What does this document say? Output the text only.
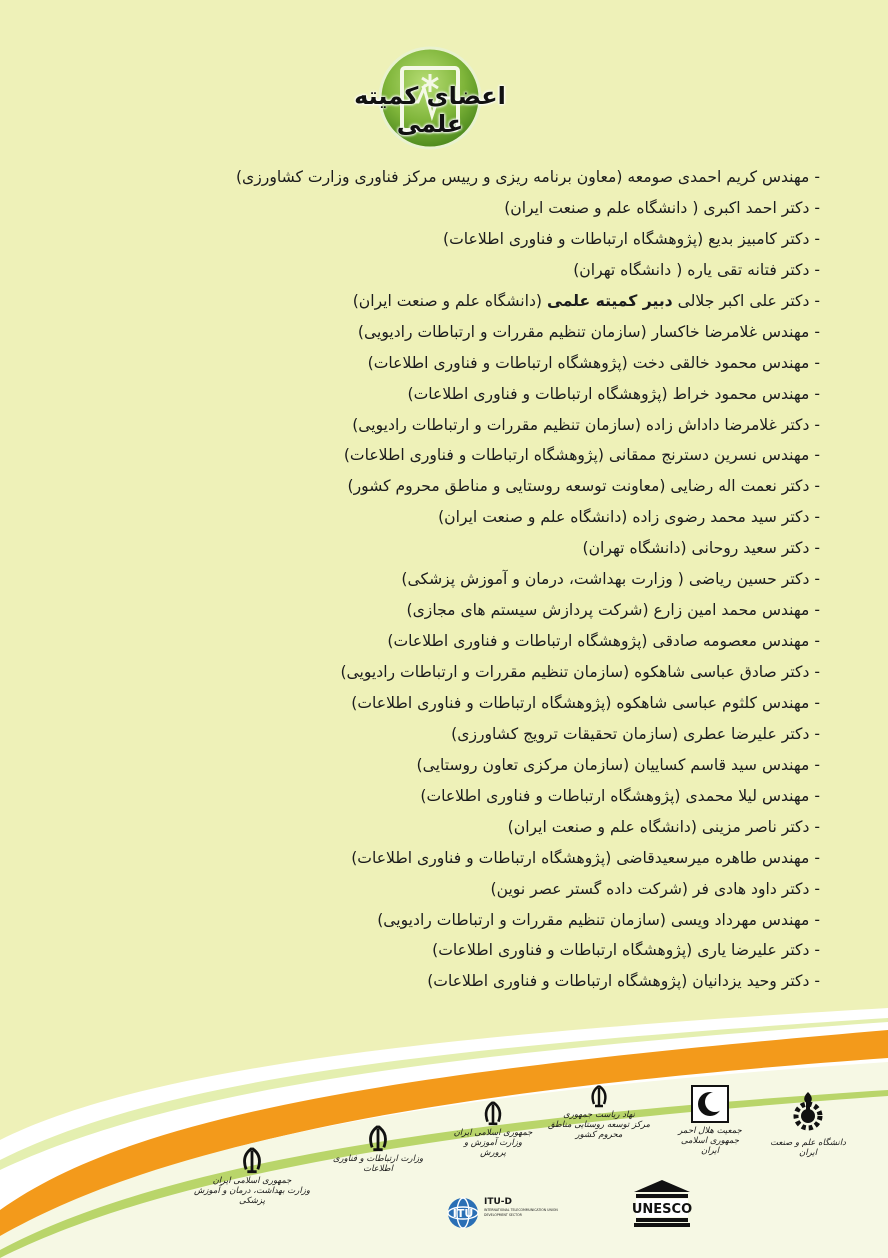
اعضای کمیته علمی
- مهندس کریم احمدی صومعه (معاون برنامه ریزی و رییس مرکز فناوری وزارت کشاورزی)
- دکتر احمد اکبری ( دانشگاه علم و صنعت ایران)
- دکتر کامبیز بدیع (پژوهشگاه ارتباطات و فناوری اطلاعات)
- دکتر فتانه تقی یاره ( دانشگاه تهران)
- دکتر علی اکبر جلالی دبیر کمیته علمی (دانشگاه علم و صنعت ایران)
- مهندس غلامرضا خاکسار (سازمان تنظیم مقررات و ارتباطات رادیویی)
- مهندس محمود خالقی دخت (پژوهشگاه ارتباطات و فناوری اطلاعات)
- مهندس محمود خراط (پژوهشگاه ارتباطات و فناوری اطلاعات)
- دکتر غلامرضا داداش زاده (سازمان تنظیم مقررات و ارتباطات رادیویی)
- مهندس نسرین دسترنج ممقانی (پژوهشگاه ارتباطات و فناوری اطلاعات)
- دکتر نعمت اله رضایی (معاونت توسعه روستایی و مناطق محروم کشور)
- دکتر سید محمد رضوی زاده (دانشگاه علم و صنعت ایران)
- دکتر سعید روحانی (دانشگاه تهران)
- دکتر حسین ریاضی ( وزارت بهداشت، درمان و آموزش پزشکی)
- مهندس محمد امین زارع (شرکت پردازش سیستم های مجازی)
- مهندس معصومه صادقی (پژوهشگاه ارتباطات و فناوری اطلاعات)
- دکتر صادق عباسی شاهکوه (سازمان تنظیم مقررات و ارتباطات رادیویی)
- مهندس کلثوم عباسی شاهکوه (پژوهشگاه ارتباطات و فناوری اطلاعات)
- دکتر علیرضا عطری (سازمان تحقیقات ترویج کشاورزی)
- مهندس سید قاسم کساییان (سازمان مرکزی تعاون روستایی)
- مهندس لیلا محمدی (پژوهشگاه ارتباطات و فناوری اطلاعات)
- دکتر ناصر مزینی (دانشگاه علم و صنعت ایران)
- مهندس طاهره میرسعیدقاضی (پژوهشگاه ارتباطات و فناوری اطلاعات)
- دکتر داود هادی فر (شرکت داده گستر عصر نوین)
- مهندس مهرداد ویسی (سازمان تنظیم مقررات و ارتباطات رادیویی)
- دکتر علیرضا یاری (پژوهشگاه ارتباطات و فناوری اطلاعات)
- دکتر وحید یزدانیان (پژوهشگاه ارتباطات و فناوری اطلاعات)
دانشگاه علم و صنعت ایران
جمعیت هلال احمر
جمهوری اسلامی ایران
نهاد ریاست جمهوری
مرکز توسعه روستایی مناطق محروم کشور
جمهوری اسلامی ایران
وزارت آموزش و پرورش
وزارت ارتباطات و فناوری اطلاعات
جمهوری اسلامی ایران
وزارت بهداشت، درمان و آموزش پزشکی
UNESCO
ITU
ITU-D
INTERNATIONAL TELECOMMUNICATION UNION
DEVELOPMENT SECTOR
